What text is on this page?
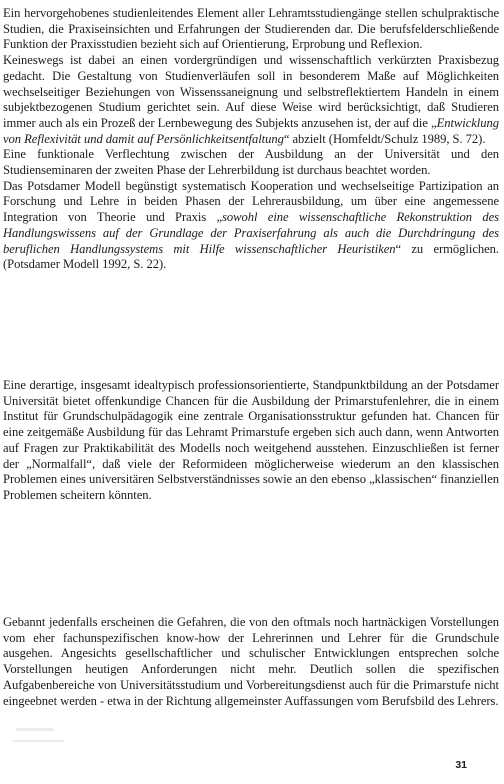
Ein hervorgehobenes studienleitendes Element aller Lehramtsstudiengänge stellen schulpraktische Studien, die Praxiseinsichten und Erfahrungen der Studierenden dar. Die berufsfelderschließende Funktion der Praxisstudien bezieht sich auf Orientierung, Erprobung und Reflexion.

Keineswegs ist dabei an einen vordergründigen und wissenschaftlich verkürzten Praxisbezug gedacht. Die Gestaltung von Studienverläufen soll in besonderem Maße auf Möglichkeiten wechselseitiger Beziehungen von Wissenssaneignung und selbstreflektiertem Handeln in einem subjektbezogenen Studium gerichtet sein. Auf diese Weise wird berücksichtigt, daß Studieren immer auch als ein Prozeß der Lernbewegung des Subjekts anzusehen ist, der auf die „Entwicklung von Reflexivität und damit auf Persönlichkeitsentfaltung“ abzielt (Homfeldt/Schulz 1989, S. 72).

Eine funktionale Verflechtung zwischen der Ausbildung an der Universität und den Studienseminaren der zweiten Phase der Lehrerbildung ist durchaus beachtet worden.

Das Potsdamer Modell begünstigt systematisch Kooperation und wechselseitige Partizipation an Forschung und Lehre in beiden Phasen der Lehrerausbildung, um über eine angemessene Integration von Theorie und Praxis „sowohl eine wissenschaftliche Rekonstruktion des Handlungswissens auf der Grundlage der Praxiserfahrung als auch die Durchdringung des beruflichen Handlungssystems mit Hilfe wissenschaftlicher Heuristiken“ zu ermöglichen. (Potsdamer Modell 1992, S. 22).

Eine derartige, insgesamt idealtypisch professionsorientierte, Standpunktbildung an der Potsdamer Universität bietet offenkundige Chancen für die Ausbildung der Primarstufenlehrer, die in einem Institut für Grundschulpädagogik eine zentrale Organisationsstruktur gefunden hat. Chancen für eine zeitgemäße Ausbildung für das Lehramt Primarstufe ergeben sich auch dann, wenn Antworten auf Fragen zur Praktikabilität des Modells noch weitgehend ausstehen. Einzuschließen ist ferner der „Normalfall“, daß viele der Reformideen möglicherweise wiederum an den klassischen Problemen eines universitären Selbstverständnisses sowie an den ebenso „klassischen“ finanziellen Problemen scheitern könnten.

Gebannt jedenfalls erscheinen die Gefahren, die von den oftmals noch hartnäckigen Vorstellungen vom eher fachunspezifischen know-how der Lehrerinnen und Lehrer für die Grundschule ausgehen. Angesichts gesellschaftlicher und schulischer Entwicklungen entsprechen solche Vorstellungen heutigen Anforderungen nicht mehr. Deutlich sollen die spezifischen Aufgabenbereiche von Universitätsstudium und Vorbereitungsdienst auch für die Primarstufe nicht eingeebnet werden - etwa in der Richtung allgemeinster Auffassungen vom Berufsbild des Lehrers.

31
